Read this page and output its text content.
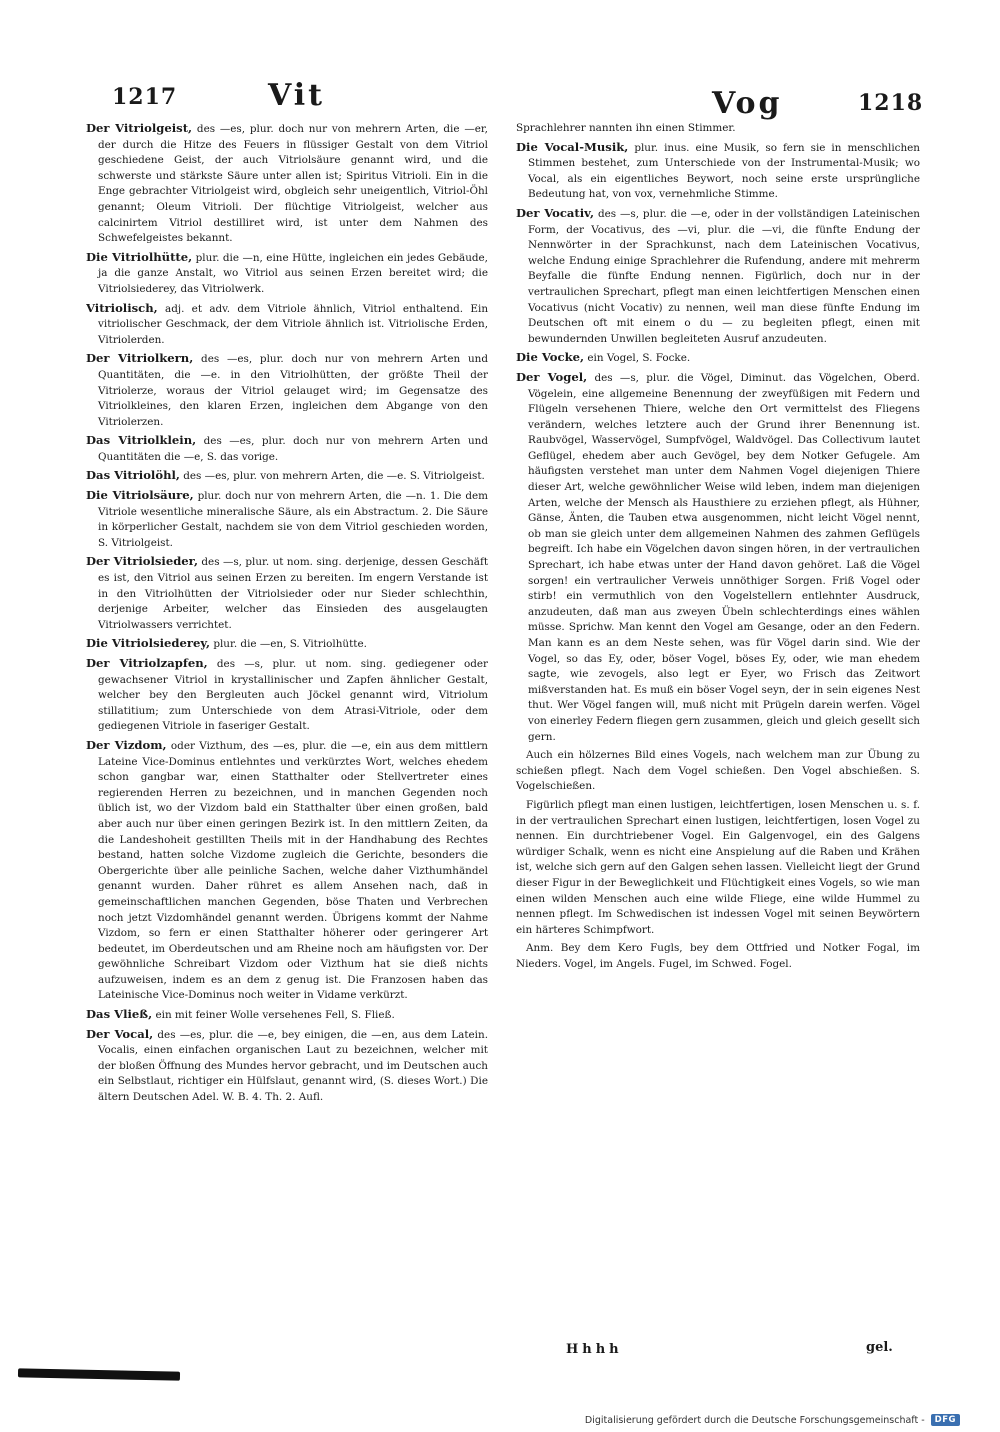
1217	Vit	Vog	1218

Der Vitriolgeist, des —es, plur. doch nur von mehrern Arten, die —er, der durch die Hitze des Feuers in flüssiger Gestalt von dem Vitriol geschiedene Geist, der auch Vitriolsäure genannt wird, und die schwerste und stärkste Säure unter allen ist; Spiritus Vitrioli. Ein in die Enge gebrachter Vitriolgeist wird, obgleich sehr uneigentlich, Vitriol-Öhl genannt; Oleum Vitrioli. Der flüchtige Vitriolgeist, welcher aus calcinirtem Vitriol destilliret wird, ist unter dem Nahmen des Schwefelgeistes bekannt.

Die Vitriolhütte, plur. die —n, eine Hütte, ingleichen ein jedes Gebäude, ja die ganze Anstalt, wo Vitriol aus seinen Erzen bereitet wird; die Vitriolsiederey, das Vitriolwerk.

Vitriolisch, adj. et adv. dem Vitriole ähnlich, Vitriol enthaltend. Ein vitriolischer Geschmack, der dem Vitriole ähnlich ist. Vitriolische Erden, Vitriolerden.

Der Vitriolkern, des —es, plur. doch nur von mehrern Arten und Quantitäten, die —e. in den Vitriolhütten, der größte Theil der Vitriolerze, woraus der Vitriol gelauget wird; im Gegensatze des Vitriolkleines, den klaren Erzen, ingleichen dem Abgange von den Vitriolerzen.

Das Vitriolklein, des —es, plur. doch nur von mehrern Arten und Quantitäten die —e, S. das vorige.

Das Vitriolöhl, des —es, plur. von mehrern Arten, die —e. S. Vitriolgeist.

Die Vitriolsäure, plur. doch nur von mehrern Arten, die —n. 1. Die dem Vitriole wesentliche mineralische Säure, als ein Abstractum. 2. Die Säure in körperlicher Gestalt, nachdem sie von dem Vitriol geschieden worden, S. Vitriolgeist.

Der Vitriolsieder, des —s, plur. ut nom. sing. derjenige, dessen Geschäft es ist, den Vitriol aus seinen Erzen zu bereiten. Im engern Verstande ist in den Vitriolhütten der Vitriolsieder oder nur Sieder schlechthin, derjenige Arbeiter, welcher das Einsieden des ausgelaugten Vitriolwassers verrichtet.

Die Vitriolsiederey, plur. die —en, S. Vitriolhütte.

Der Vitriolzapfen, des —s, plur. ut nom. sing. gediegener oder gewachsener Vitriol in krystallinischer und Zapfen ähnlicher Gestalt, welcher bey den Bergleuten auch Jöckel genannt wird, Vitriolum stillatitium; zum Unterschiede von dem Atrasi-Vitriole, oder dem gediegenen Vitriole in faseriger Gestalt.

Der Vizdom, oder Vizthum, des —es, plur. die —e, ein aus dem mittlern Lateine Vice-Dominus entlehntes und verkürztes Wort, welches ehedem schon gangbar war, einen Statthalter oder Stellvertreter eines regierenden Herren zu bezeichnen, und in manchen Gegenden noch üblich ist, wo der Vizdom bald ein Statthalter über einen großen, bald aber auch nur über einen geringen Bezirk ist. In den mittlern Zeiten, da die Landeshoheit gestillten Theils mit in der Handhabung des Rechtes bestand, hatten solche Vizdome zugleich die Gerichte, besonders die Obergerichte über alle peinliche Sachen, welche daher Vizthumhändel genannt wurden. Daher rühret es allem Ansehen nach, daß in gemeinschaftlichen manchen Gegenden, böse Thaten und Verbrechen noch jetzt Vizdomhändel genannt werden. Übrigens kommt der Nahme Vizdom, so fern er einen Statthalter höherer oder geringerer Art bedeutet, im Oberdeutschen und am Rheine noch am häufigsten vor. Der gewöhnliche Schreibart Vizdom oder Vizthum hat sie dieß nichts aufzuweisen, indem es an dem z genug ist. Die Franzosen haben das Lateinische Vice-Dominus noch weiter in Vidame verkürzt.

Das Vließ, ein mit feiner Wolle versehenes Fell, S. Fließ.

Der Vocal, des —es, plur. die —e, bey einigen, die —en, aus dem Latein. Vocalis, einen einfachen organischen Laut zu bezeichnen, welcher mit der bloßen Öffnung des Mundes hervor gebracht, und im Deutschen auch ein Selbstlaut, richtiger ein Hülfslaut, genannt wird, (S. dieses Wort.) Die ältern Deutschen Adel. W. B. 4. Th. 2. Aufl.

Sprachlehrer nannten ihn einen Stimmer.

Die Vocal-Musik, plur. inus. eine Musik, so fern sie in menschlichen Stimmen bestehet, zum Unterschiede von der Instrumental-Musik; wo Vocal, als ein eigentliches Beywort, noch seine erste ursprüngliche Bedeutung hat, von vox, vernehmliche Stimme.

Der Vocativ, des —s, plur. die —e, oder in der vollständigen Lateinischen Form, der Vocativus, des —vi, plur. die —vi, die fünfte Endung der Nennwörter in der Sprachkunst, nach dem Lateinischen Vocativus, welche Endung einige Sprachlehrer die Rufendung, andere mit mehrerm Beyfalle die fünfte Endung nennen. Figürlich, doch nur in der vertraulichen Sprechart, pflegt man einen leichtfertigen Menschen einen Vocativus (nicht Vocativ) zu nennen, weil man diese fünfte Endung im Deutschen oft mit einem o du — zu begleiten pflegt, einen mit bewundernden Unwillen begleiteten Ausruf anzudeuten.

Die Vocke, ein Vogel, S. Focke.

Der Vogel, des —s, plur. die Vögel, Diminut. das Vögelchen, Oberd. Vögelein, eine allgemeine Benennung der zweyfüßigen mit Federn und Flügeln versehenen Thiere, welche den Ort vermittelst des Fliegens verändern, welches letztere auch der Grund ihrer Benennung ist. Raubvögel, Wasservögel, Sumpfvögel, Waldvögel. Das Collectivum lautet Geflügel, ehedem aber auch Gevögel, bey dem Notker Gefugele. Am häufigsten verstehet man unter dem Nahmen Vogel diejenigen Thiere dieser Art, welche gewöhnlicher Weise wild leben, indem man diejenigen Arten, welche der Mensch als Hausthiere zu erziehen pflegt, als Hühner, Gänse, Änten, die Tauben etwa ausgenommen, nicht leicht Vögel nennt, ob man sie gleich unter dem allgemeinen Nahmen des zahmen Geflügels begreift. Ich habe ein Vögelchen davon singen hören, in der vertraulichen Sprechart, ich habe etwas unter der Hand davon gehöret. Laß die Vögel sorgen! ein vertraulicher Verweis unnöthiger Sorgen. Friß Vogel oder stirb! ein vermuthlich von den Vogelstellern entlehnter Ausdruck, anzudeuten, daß man aus zweyen Übeln schlechterdings eines wählen müsse. Sprichw. Man kennt den Vogel am Gesange, oder an den Federn. Man kann es an dem Neste sehen, was für Vögel darin sind. Wie der Vogel, so das Ey, oder, böser Vogel, böses Ey, oder, wie man ehedem sagte, wie zevogels, also legt er Eyer, wo Frisch das Zeitwort mißverstanden hat. Es muß ein böser Vogel seyn, der in sein eigenes Nest thut. Wer Vögel fangen will, muß nicht mit Prügeln darein werfen. Vögel von einerley Federn fliegen gern zusammen, gleich und gleich gesellt sich gern.

Auch ein hölzernes Bild eines Vogels, nach welchem man zur Übung zu schießen pflegt. Nach dem Vogel schießen. Den Vogel abschießen. S. Vogelschießen.

Figürlich pflegt man einen lustigen, leichtfertigen, losen Menschen u. s. f. in der vertraulichen Sprechart einen lustigen, leichtfertigen, losen Vogel zu nennen. Ein durchtriebener Vogel. Ein Galgenvogel, ein des Galgens würdiger Schalk, wenn es nicht eine Anspielung auf die Raben und Krähen ist, welche sich gern auf den Galgen sehen lassen. Vielleicht liegt der Grund dieser Figur in der Beweglichkeit und Flüchtigkeit eines Vogels, so wie man einen wilden Menschen auch eine wilde Fliege, eine wilde Hummel zu nennen pflegt. Im Schwedischen ist indessen Vogel mit seinen Beywörtern ein härteres Schimpfwort.

Anm. Bey dem Kero Fugls, bey dem Ottfried und Notker Fogal, im Nieders. Vogel, im Angels. Fugel, im Schwed. Fogel.

Hhhh	gel.
Digitalisierung gefördert durch die Deutsche Forschungsgemeinschaft -	DFG
